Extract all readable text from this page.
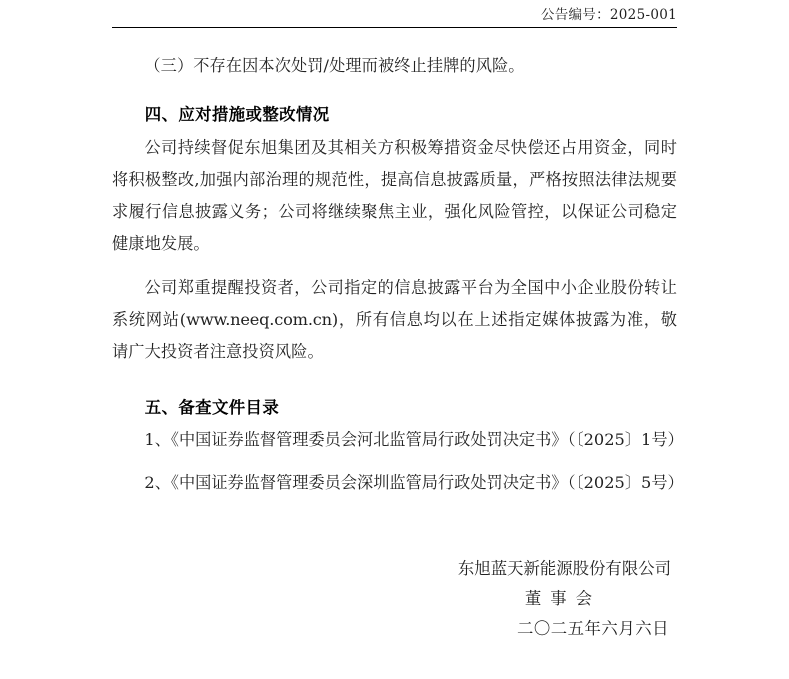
公告编号：2025-001

（三）不存在因本次处罚/处理而被终止挂牌的风险。

四、应对措施或整改情况

公司持续督促东旭集团及其相关方积极筹措资金尽快偿还占用资金，同时将积极整改,加强内部治理的规范性，提高信息披露质量，严格按照法律法规要求履行信息披露义务；公司将继续聚焦主业，强化风险管控，以保证公司稳定健康地发展。

公司郑重提醒投资者，公司指定的信息披露平台为全国中小企业股份转让系统网站(www.neeq.com.cn)，所有信息均以在上述指定媒体披露为准，敬请广大投资者注意投资风险。

五、备查文件目录

1、《中国证券监督管理委员会河北监管局行政处罚决定书》（〔2025〕1号）

2、《中国证券监督管理委员会深圳监管局行政处罚决定书》（〔2025〕5号）

东旭蓝天新能源股份有限公司
董事会
二〇二五年六月六日
